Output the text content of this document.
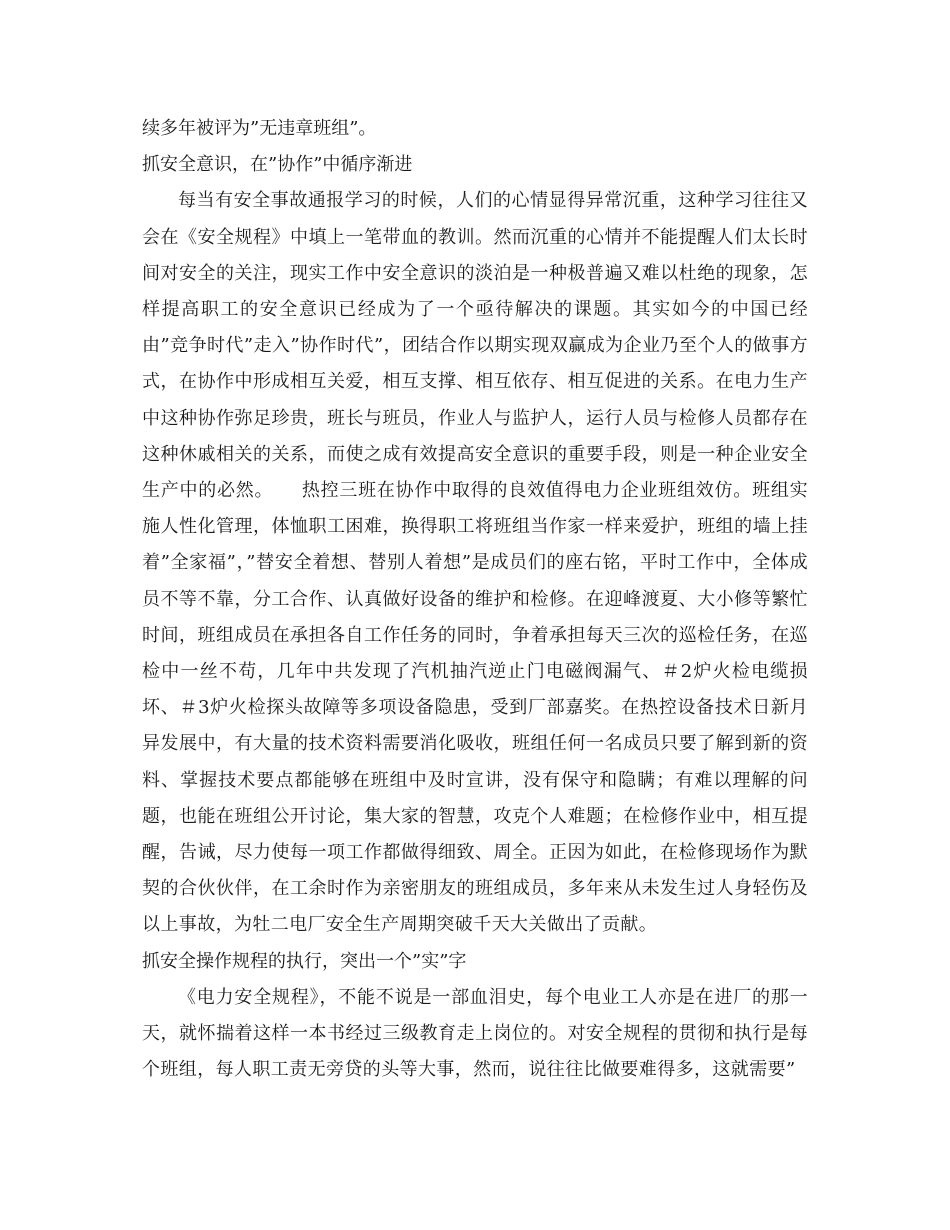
续多年被评为”无违章班组”。

抓安全意识，在”协作”中循序渐进

每当有安全事故通报学习的时候，人们的心情显得异常沉重，这种学习往往又会在《安全规程》中填上一笔带血的教训。然而沉重的心情并不能提醒人们太长时间对安全的关注，现实工作中安全意识的淡泊是一种极普遍又难以杜绝的现象，怎样提高职工的安全意识已经成为了一个亟待解决的课题。其实如今的中国已经由”竞争时代”走入”协作时代”，团结合作以期实现双赢成为企业乃至个人的做事方式，在协作中形成相互关爱，相互支撑、相互依存、相互促进的关系。在电力生产中这种协作弥足珍贵，班长与班员，作业人与监护人，运行人员与检修人员都存在这种休戚相关的关系，而使之成有效提高安全意识的重要手段，则是一种企业安全生产中的必然。　　热控三班在协作中取得的良效值得电力企业班组效仿。班组实施人性化管理，体恤职工困难，换得职工将班组当作家一样来爱护，班组的墙上挂着”全家福”，”替安全着想、替别人着想”是成员们的座右铭，平时工作中，全体成员不等不靠，分工合作、认真做好设备的维护和检修。在迎峰渡夏、大小修等繁忙时间，班组成员在承担各自工作任务的同时，争着承担每天三次的巡检任务，在巡检中一丝不苟，几年中共发现了汽机抽汽逆止门电磁阀漏气、＃2炉火检电缆损坏、＃3炉火检探头故障等多项设备隐患，受到厂部嘉奖。在热控设备技术日新月异发展中，有大量的技术资料需要消化吸收，班组任何一名成员只要了解到新的资料、掌握技术要点都能够在班组中及时宣讲，没有保守和隐瞒；有难以理解的问题，也能在班组公开讨论，集大家的智慧，攻克个人难题；在检修作业中，相互提醒，告诫，尽力使每一项工作都做得细致、周全。正因为如此，在检修现场作为默契的合伙伙伴，在工余时作为亲密朋友的班组成员，多年来从未发生过人身轻伤及以上事故，为牡二电厂安全生产周期突破千天大关做出了贡献。

抓安全操作规程的执行，突出一个”实”字

《电力安全规程》，不能不说是一部血泪史，每个电业工人亦是在进厂的那一天，就怀揣着这样一本书经过三级教育走上岗位的。对安全规程的贯彻和执行是每个班组，每人职工责无旁贷的头等大事，然而，说往往比做要难得多，这就需要”
